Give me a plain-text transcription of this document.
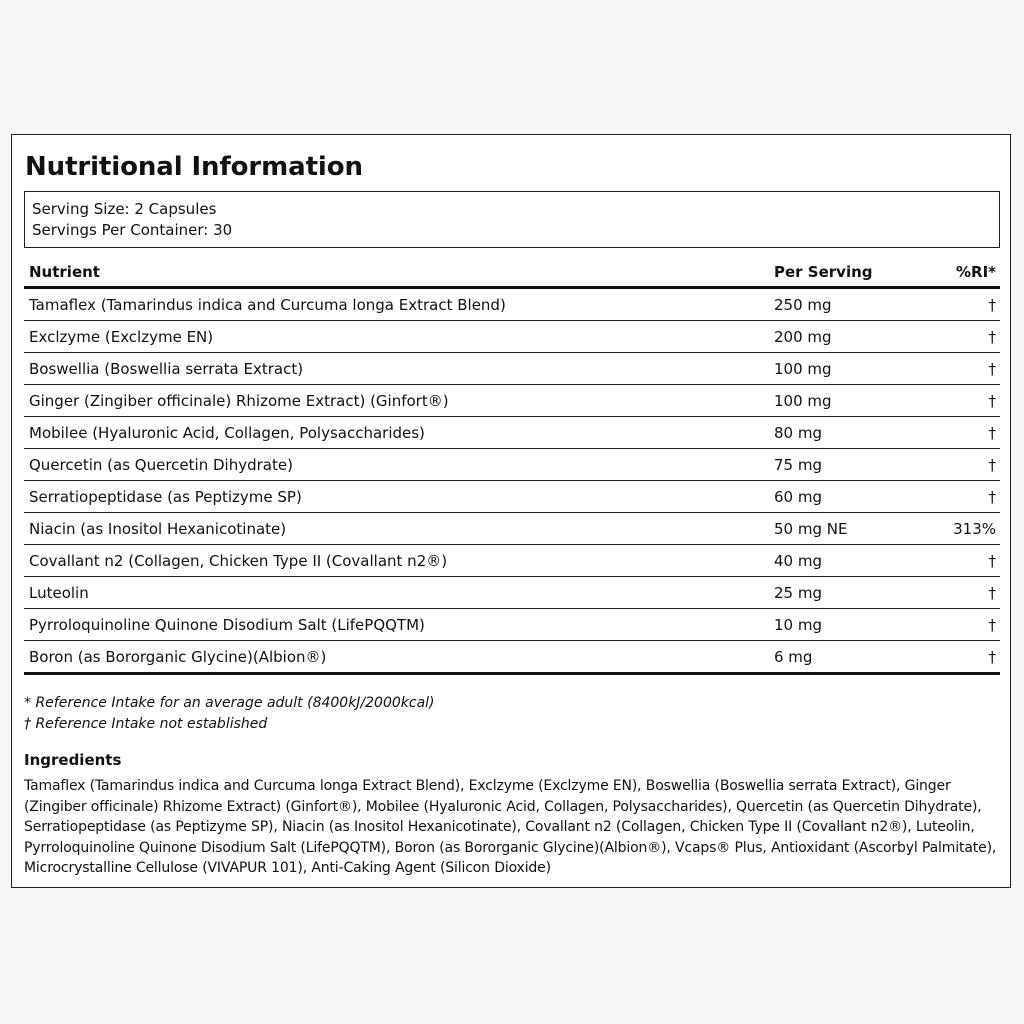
Nutritional Information
Serving Size: 2 Capsules
Servings Per Container: 30
Nutrient	Per Serving	%RI*
Tamaflex (Tamarindus indica and Curcuma longa Extract Blend)	250 mg	†
Exclzyme (Exclzyme EN)	200 mg	†
Boswellia (Boswellia serrata Extract)	100 mg	†
Ginger (Zingiber officinale) Rhizome Extract) (Ginfort®)	100 mg	†
Mobilee (Hyaluronic Acid, Collagen, Polysaccharides)	80 mg	†
Quercetin (as Quercetin Dihydrate)	75 mg	†
Serratiopeptidase (as Peptizyme SP)	60 mg	†
Niacin (as Inositol Hexanicotinate)	50 mg NE	313%
Covallant n2 (Collagen, Chicken Type II (Covallant n2®)	40 mg	†
Luteolin	25 mg	†
Pyrroloquinoline Quinone Disodium Salt (LifePQQTM)	10 mg	†
Boron (as Bororganic Glycine)(Albion®)	6 mg	†
* Reference Intake for an average adult (8400kJ/2000kcal)
† Reference Intake not established
Ingredients

Tamaflex (Tamarindus indica and Curcuma longa Extract Blend), Exclzyme (Exclzyme EN), Boswellia (Boswellia serrata Extract), Ginger (Zingiber officinale) Rhizome Extract) (Ginfort®), Mobilee (Hyaluronic Acid, Collagen, Polysaccharides), Quercetin (as Quercetin Dihydrate), Serratiopeptidase (as Peptizyme SP), Niacin (as Inositol Hexanicotinate), Covallant n2 (Collagen, Chicken Type II (Covallant n2®), Luteolin, Pyrroloquinoline Quinone Disodium Salt (LifePQQTM), Boron (as Bororganic Glycine)(Albion®), Vcaps® Plus, Antioxidant (Ascorbyl Palmitate), Microcrystalline Cellulose (VIVAPUR 101), Anti-Caking Agent (Silicon Dioxide)
